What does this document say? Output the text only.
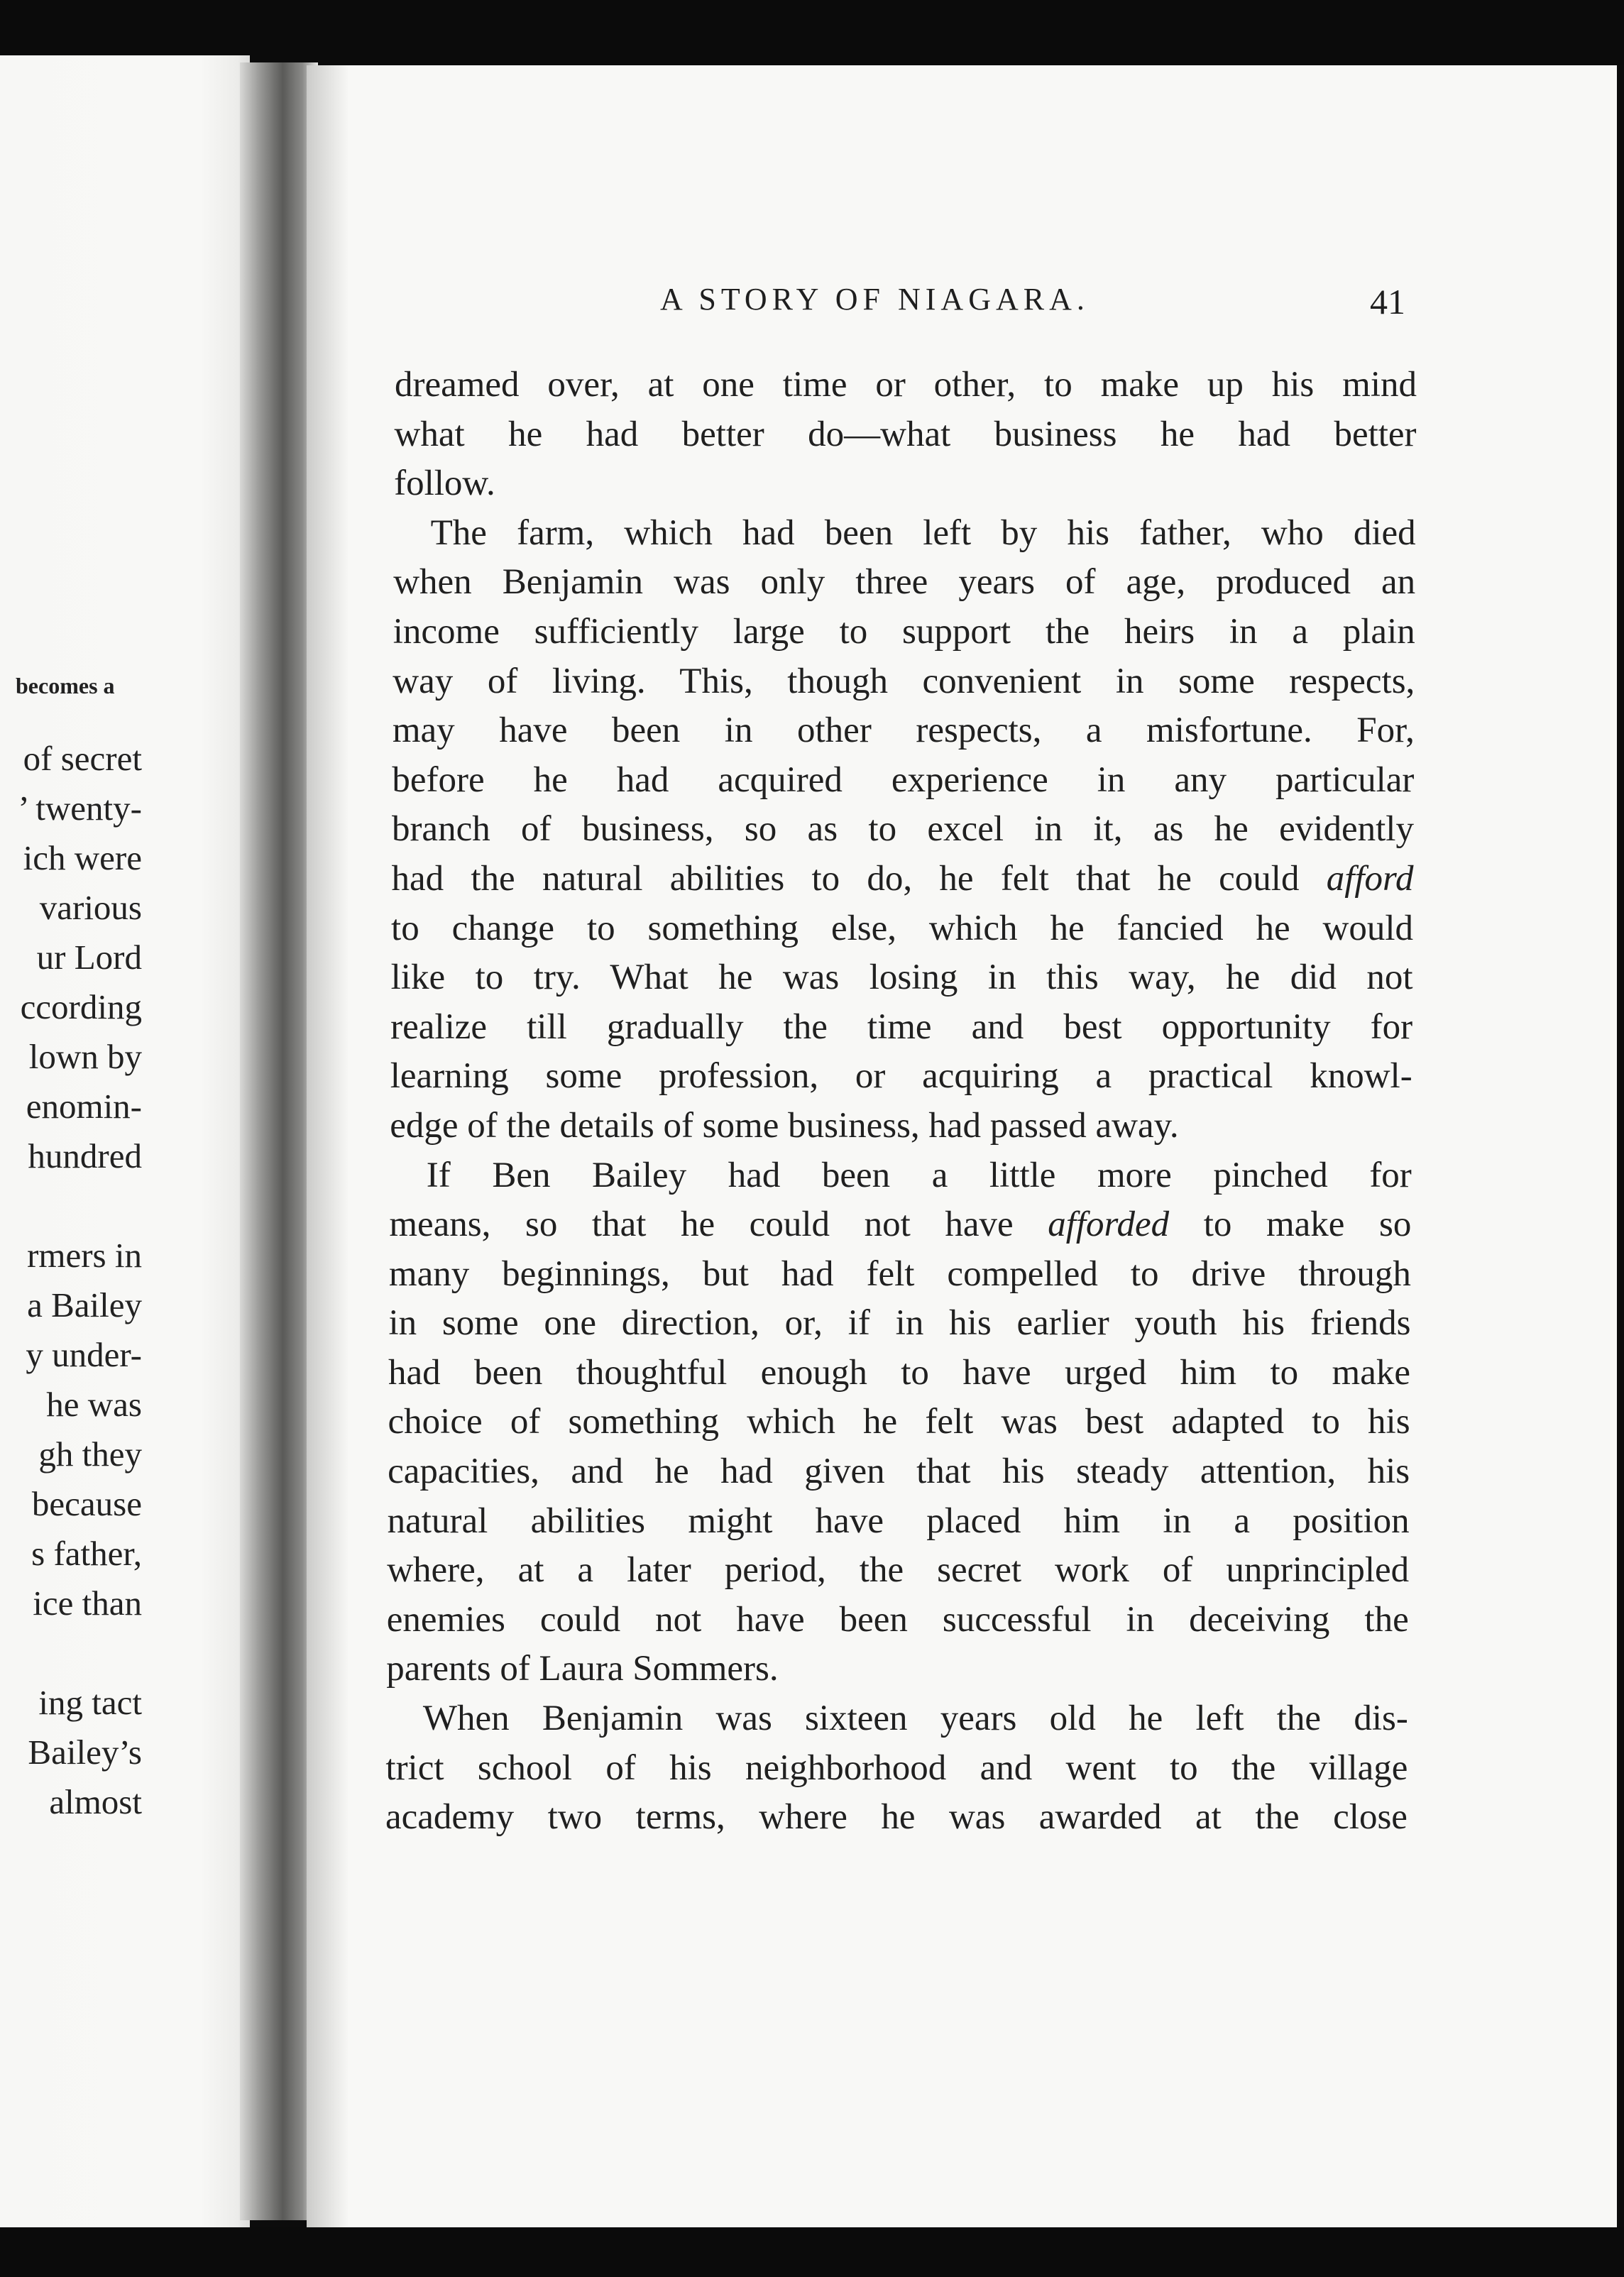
becomes a
of secret
’ twenty-
ich were
various
ur Lord
ccording
lown by
enomin-
hundred
rmers in
a Bailey
y under-
he was
gh they
because
s father,
ice than
ing tact
Bailey’s
almost
A STORY OF NIAGARA.	41
dreamed over, at one time or other, to make up his mind
what he had better do—what business he had better
follow.
The farm, which had been left by his father, who died
when Benjamin was only three years of age, produced an
income sufficiently large to support the heirs in a plain
way of living. This, though convenient in some respects,
may have been in other respects, a misfortune. For,
before he had acquired experience in any particular
branch of business, so as to excel in it, as he evidently
had the natural abilities to do, he felt that he could afford
to change to something else, which he fancied he would
like to try. What he was losing in this way, he did not
realize till gradually the time and best opportunity for
learning some profession, or acquiring a practical knowl-
edge of the details of some business, had passed away.
If Ben Bailey had been a little more pinched for
means, so that he could not have afforded to make so
many beginnings, but had felt compelled to drive through
in some one direction, or, if in his earlier youth his friends
had been thoughtful enough to have urged him to make
choice of something which he felt was best adapted to his
capacities, and he had given that his steady attention, his
natural abilities might have placed him in a position
where, at a later period, the secret work of unprincipled
enemies could not have been successful in deceiving the
parents of Laura Sommers.
When Benjamin was sixteen years old he left the dis-
trict school of his neighborhood and went to the village
academy two terms, where he was awarded at the close
